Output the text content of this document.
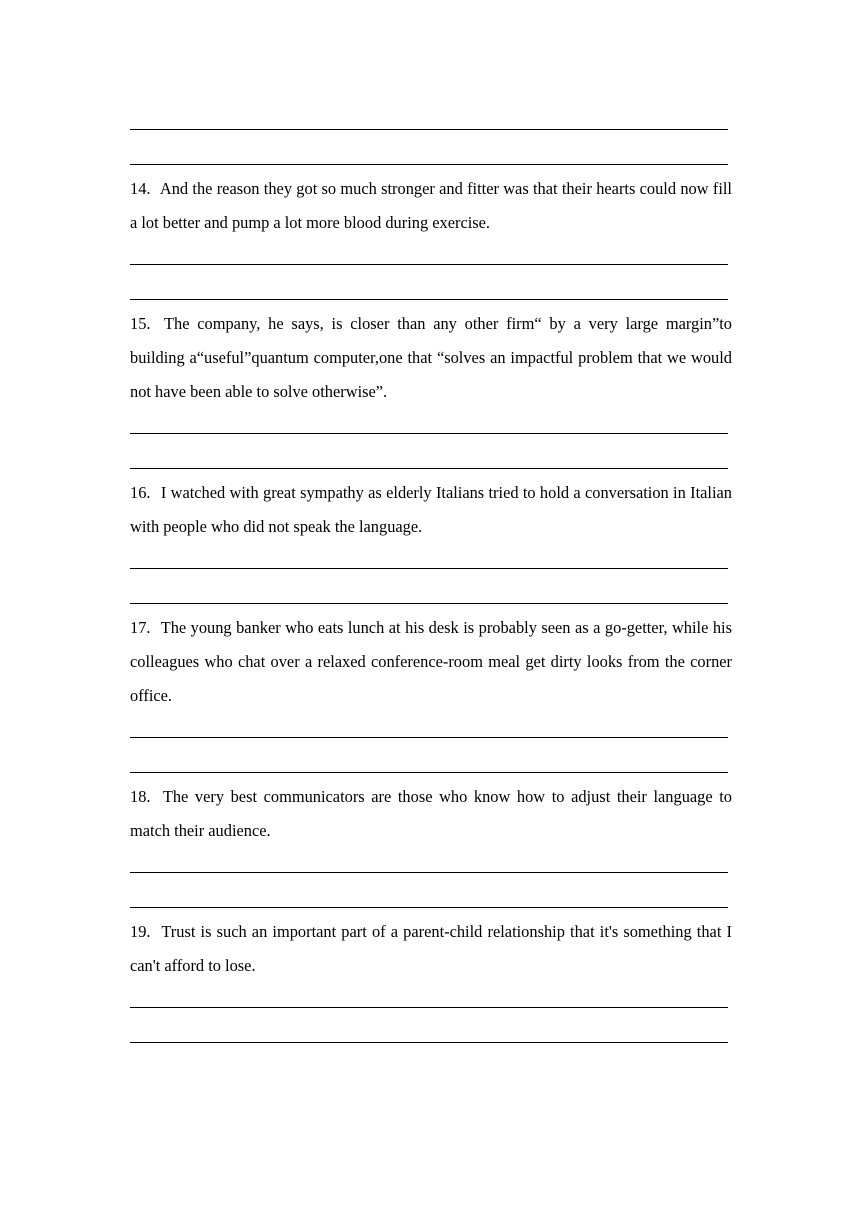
14. And the reason they got so much stronger and fitter was that their hearts could now fill a lot better and pump a lot more blood during exercise.

15. The company, he says, is closer than any other firm“ by a very large margin”to building a“useful”quantum computer,one that “solves an impactful problem that we would not have been able to solve otherwise”.

16. I watched with great sympathy as elderly Italians tried to hold a conversation in Italian with people who did not speak the language.

17. The young banker who eats lunch at his desk is probably seen as a go-getter, while his colleagues who chat over a relaxed conference-room meal get dirty looks from the corner office.

18. The very best communicators are those who know how to adjust their language to match their audience.

19. Trust is such an important part of a parent-child relationship that it's something that I can't afford to lose.
